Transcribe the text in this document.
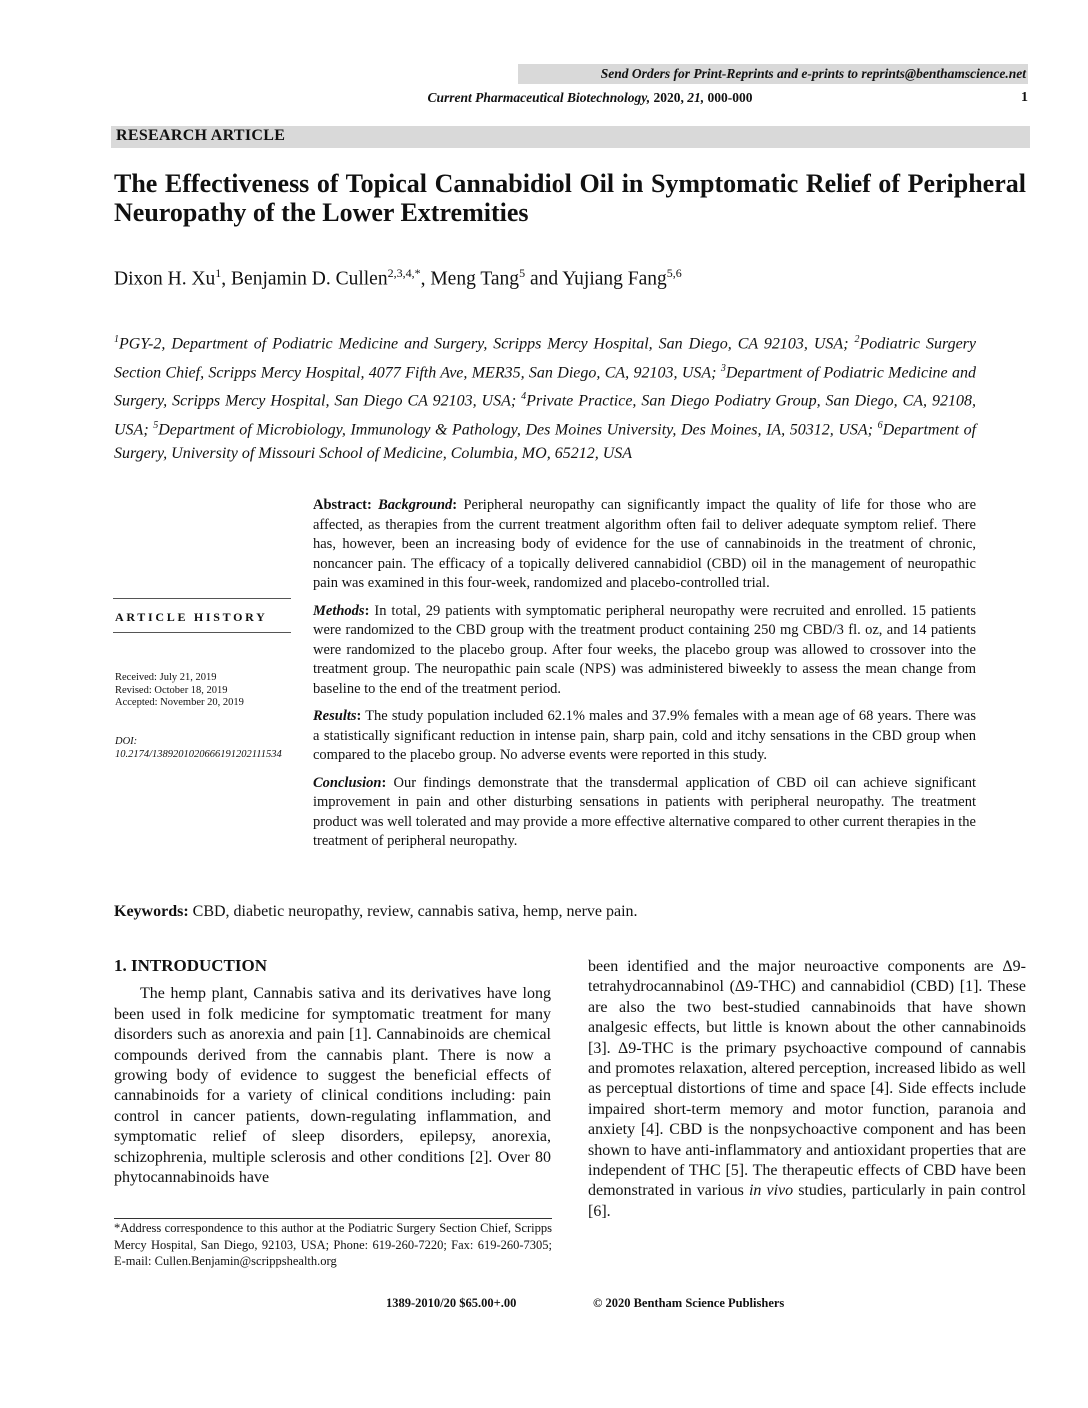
Send Orders for Print-Reprints and e-prints to reprints@benthamscience.net
Current Pharmaceutical Biotechnology, 2020, 21, 000-000	1
RESEARCH ARTICLE
The Effectiveness of Topical Cannabidiol Oil in Symptomatic Relief of Peripheral Neuropathy of the Lower Extremities
Dixon H. Xu$^1$, Benjamin D. Cullen$^{2,3,4,*}$, Meng Tang$^5$ and Yujiang Fang$^{5,6}$
$^1$PGY-2, Department of Podiatric Medicine and Surgery, Scripps Mercy Hospital, San Diego, CA 92103, USA; $^2$Podiatric Surgery Section Chief, Scripps Mercy Hospital, 4077 Fifth Ave, MER35, San Diego, CA, 92103, USA; $^3$Department of Podiatric Medicine and Surgery, Scripps Mercy Hospital, San Diego CA 92103, USA; $^4$Private Practice, San Diego Podiatry Group, San Diego, CA, 92108, USA; $^5$Department of Microbiology, Immunology & Pathology, Des Moines University, Des Moines, IA, 50312, USA; $^6$Department of Surgery, University of Missouri School of Medicine, Columbia, MO, 65212, USA
ARTICLE HISTORY
Received: July 21, 2019
Revised: October 18, 2019
Accepted: November 20, 2019
DOI:
10.2174/1389201020666191202111534

Abstract: Background: Peripheral neuropathy can significantly impact the quality of life for those who are affected, as therapies from the current treatment algorithm often fail to deliver adequate symptom relief. There has, however, been an increasing body of evidence for the use of cannabinoids in the treatment of chronic, noncancer pain. The efficacy of a topically delivered cannabidiol (CBD) oil in the management of neuropathic pain was examined in this four-week, randomized and placebo-controlled trial.

Methods: In total, 29 patients with symptomatic peripheral neuropathy were recruited and enrolled. 15 patients were randomized to the CBD group with the treatment product containing 250 mg CBD/3 fl. oz, and 14 patients were randomized to the placebo group. After four weeks, the placebo group was allowed to crossover into the treatment group. The neuropathic pain scale (NPS) was administered biweekly to assess the mean change from baseline to the end of the treatment period.

Results: The study population included 62.1% males and 37.9% females with a mean age of 68 years. There was a statistically significant reduction in intense pain, sharp pain, cold and itchy sensations in the CBD group when compared to the placebo group. No adverse events were reported in this study.

Conclusion: Our findings demonstrate that the transdermal application of CBD oil can achieve significant improvement in pain and other disturbing sensations in patients with peripheral neuropathy. The treatment product was well tolerated and may provide a more effective alternative compared to other current therapies in the treatment of peripheral neuropathy.

Keywords: CBD, diabetic neuropathy, review, cannabis sativa, hemp, nerve pain.
1. INTRODUCTION

The hemp plant, Cannabis sativa and its derivatives have long been used in folk medicine for symptomatic treatment for many disorders such as anorexia and pain [1]. Cannabinoids are chemical compounds derived from the cannabis plant. There is now a growing body of evidence to suggest the beneficial effects of cannabinoids for a variety of clinical conditions including: pain control in cancer patients, down-regulating inflammation, and symptomatic relief of sleep disorders, epilepsy, anorexia, schizophrenia, multiple sclerosis and other conditions [2]. Over 80 phytocannabinoids have

been identified and the major neuroactive components are Δ9-tetrahydrocannabinol (Δ9-THC) and cannabidiol (CBD) [1]. These are also the two best-studied cannabinoids that have shown analgesic effects, but little is known about the other cannabinoids [3]. Δ9-THC is the primary psychoactive compound of cannabis and promotes relaxation, altered perception, increased libido as well as perceptual distortions of time and space [4]. Side effects include impaired short-term memory and motor function, paranoia and anxiety [4]. CBD is the nonpsychoactive component and has been shown to have anti-inflammatory and antioxidant properties that are independent of THC [5]. The therapeutic effects of CBD have been demonstrated in various in vivo studies, particularly in pain control [6].

*Address correspondence to this author at the Podiatric Surgery Section Chief, Scripps Mercy Hospital, San Diego, 92103, USA; Phone: 619-260-7220; Fax: 619-260-7305; E-mail: Cullen.Benjamin@scrippshealth.org
1389-2010/20 $65.00+.00	© 2020 Bentham Science Publishers
